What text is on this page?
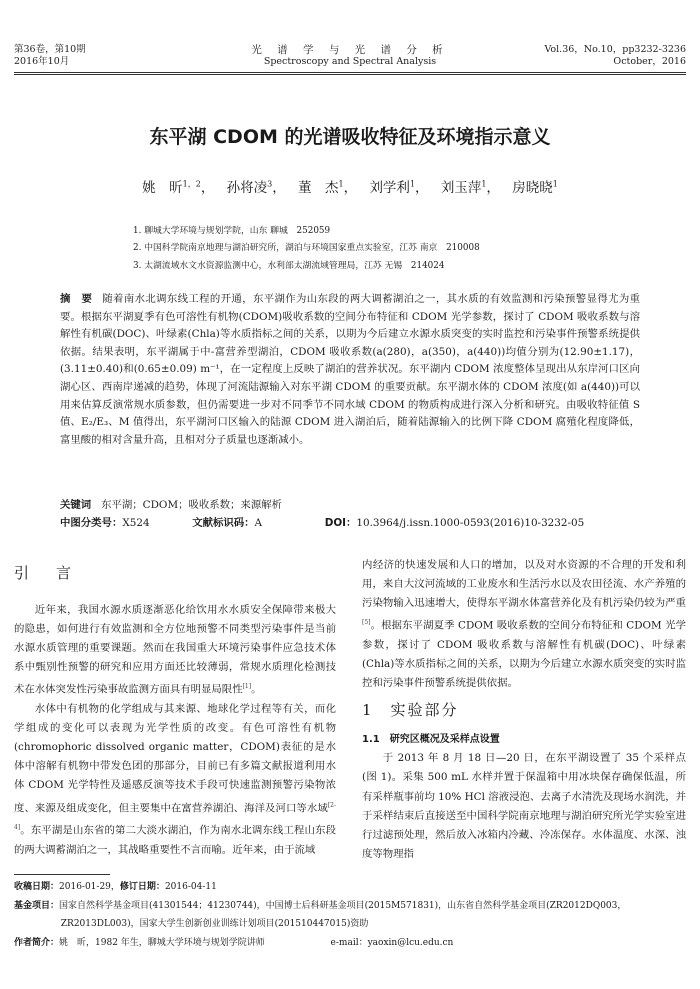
第36卷，第10期
2016年10月
光 谱 学 与 光 谱 分 析
Spectroscopy and Spectral Analysis
Vol.36，No.10，pp3232-3236
October，2016
东平湖 CDOM 的光谱吸收特征及环境指示意义
姚　昕$^{1,2}$， 孙将凌$^3$， 董　杰$^1$， 刘学利$^1$， 刘玉萍$^1$， 房晓晓$^1$
1. 聊城大学环境与规划学院，山东 聊城　252059
2. 中国科学院南京地理与湖泊研究所，湖泊与环境国家重点实验室，江苏 南京　210008
3. 太湖流域水文水资源监测中心，水利部太湖流域管理局，江苏 无锡　214024
摘　要 随着南水北调东线工程的开通，东平湖作为山东段的两大调蓄湖泊之一，其水质的有效监测和污染预警显得尤为重要。根据东平湖夏季有色可溶性有机物(CDOM)吸收系数的空间分布特征和 CDOM 光学参数，探讨了 CDOM 吸收系数与溶解性有机碳(DOC)、叶绿素(Chla)等水质指标之间的关系，以期为今后建立水源水质突变的实时监控和污染事件预警系统提供依据。结果表明，东平湖属于中-富营养型湖泊，CDOM 吸收系数(a(280)，a(350)，a(440))均值分别为(12.90±1.17)，(3.11±0.40)和(0.65±0.09) m⁻¹，在一定程度上反映了湖泊的营养状况。东平湖内 CDOM 浓度整体呈现出从东岸河口区向湖心区、西南岸递减的趋势，体现了河流陆源输入对东平湖 CDOM 的重要贡献。东平湖水体的 CDOM 浓度(如 a(440))可以用来估算反演常规水质参数，但仍需要进一步对不同季节不同水域 CDOM 的物质构成进行深入分析和研究。由吸收特征值 S 值、E₂/E₃、M 值得出，东平湖河口区输入的陆源 CDOM 进入湖泊后，随着陆源输入的比例下降 CDOM 腐殖化程度降低，富里酸的相对含量升高，且相对分子质量也逐渐减小。
关键词 东平湖；CDOM；吸收系数；来源解析
中图分类号：X524	文献标识码：A	DOI：10.3964/j.issn.1000-0593(2016)10-3232-05
引　言
近年来，我国水源水质逐渐恶化给饮用水水质安全保障带来极大的隐患，如何进行有效监测和全方位地预警不同类型污染事件是当前水源水质管理的重要课题。然而在我国重大环境污染事件应急技术体系中甄别性预警的研究和应用方面还比较薄弱，常规水质理化检测技术在水体突发性污染事故监测方面具有明显局限性[1]。
水体中有机物的化学组成与其来源、地球化学过程等有关，而化学组成的变化可以表现为光学性质的改变。有色可溶性有机物(chromophoric dissolved organic matter，CDOM)表征的是水体中溶解有机物中带发色团的那部分，目前已有多篇文献报道利用水体 CDOM 光学特性及遥感反演等技术手段可快速监测预警污染物浓度、来源及组成变化，但主要集中在富营养湖泊、海洋及河口等水域[2-4]。东平湖是山东省的第二大淡水湖泊，作为南水北调东线工程山东段的两大调蓄湖泊之一，其战略重要性不言而喻。近年来，由于流域
内经济的快速发展和人口的增加，以及对水资源的不合理的开发和利用，来自大汶河流域的工业废水和生活污水以及农田径流、水产养殖的污染物输入迅速增大，使得东平湖水体富营养化及有机污染仍较为严重[5]。根据东平湖夏季 CDOM 吸收系数的空间分布特征和 CDOM 光学参数，探讨了 CDOM 吸收系数与溶解性有机碳(DOC)、叶绿素(Chla)等水质指标之间的关系，以期为今后建立水源水质突变的实时监控和污染事件预警系统提供依据。
1　实验部分
1.1　研究区概况及采样点设置
于 2013 年 8 月 18 日—20 日，在东平湖设置了 35 个采样点(图 1)。采集 500 mL 水样并置于保温箱中用冰块保存确保低温，所有采样瓶事前均 10% HCl 溶液浸泡、去离子水清洗及现场水润洗，并于采样结束后直接送至中国科学院南京地理与湖泊研究所光学实验室进行过滤预处理，然后放入冰箱内冷藏、冷冻保存。水体温度、水深、浊度等物理指
收稿日期：2016-01-29，修订日期：2016-04-11
基金项目：国家自然科学基金项目(41301544；41230744)，中国博士后科研基金项目(2015M571831)，山东省自然科学基金项目(ZR2012DQ003，ZR2013DL003)，国家大学生创新创业训练计划项目(201510447015)资助
作者简介：姚　昕，1982 年生，聊城大学环境与规划学院讲师	e-mail：yaoxin@lcu.edu.cn
